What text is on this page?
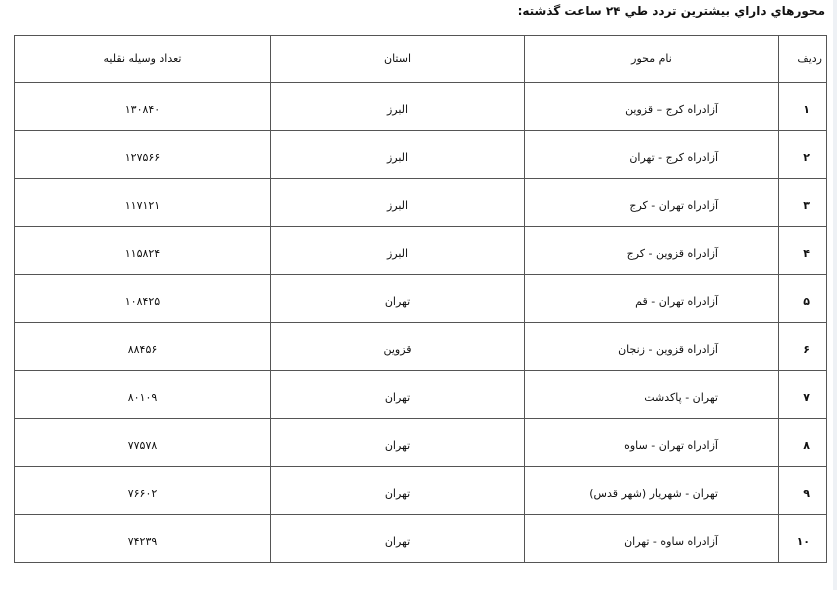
محورهاي داراي بيشترين تردد طي ۲۴ ساعت گذشته:
رديف	نام محور	استان	تعداد وسيله نقليه
۱	آزادراه كرج – قزوين	البرز	۱۳۰۸۴۰
۲	آزادراه کرج - تهران	البرز	۱۲۷۵۶۶
۳	آزادراه تهران - کرج	البرز	۱۱۷۱۲۱
۴	آزادراه قزوین - کرج	البرز	۱۱۵۸۲۴
۵	آزادراه تهران - قم	تهران	۱۰۸۴۲۵
۶	آزادراه قزوین - زنجان	قزوین	۸۸۴۵۶
۷	تهران - پاکدشت	تهران	۸۰۱۰۹
۸	آزادراه تهران - ساوه	تهران	۷۷۵۷۸
۹	تهران - شهریار (شهر قدس)	تهران	۷۶۶۰۲
۱۰	آزادراه ساوه - تهران	تهران	۷۴۲۳۹
